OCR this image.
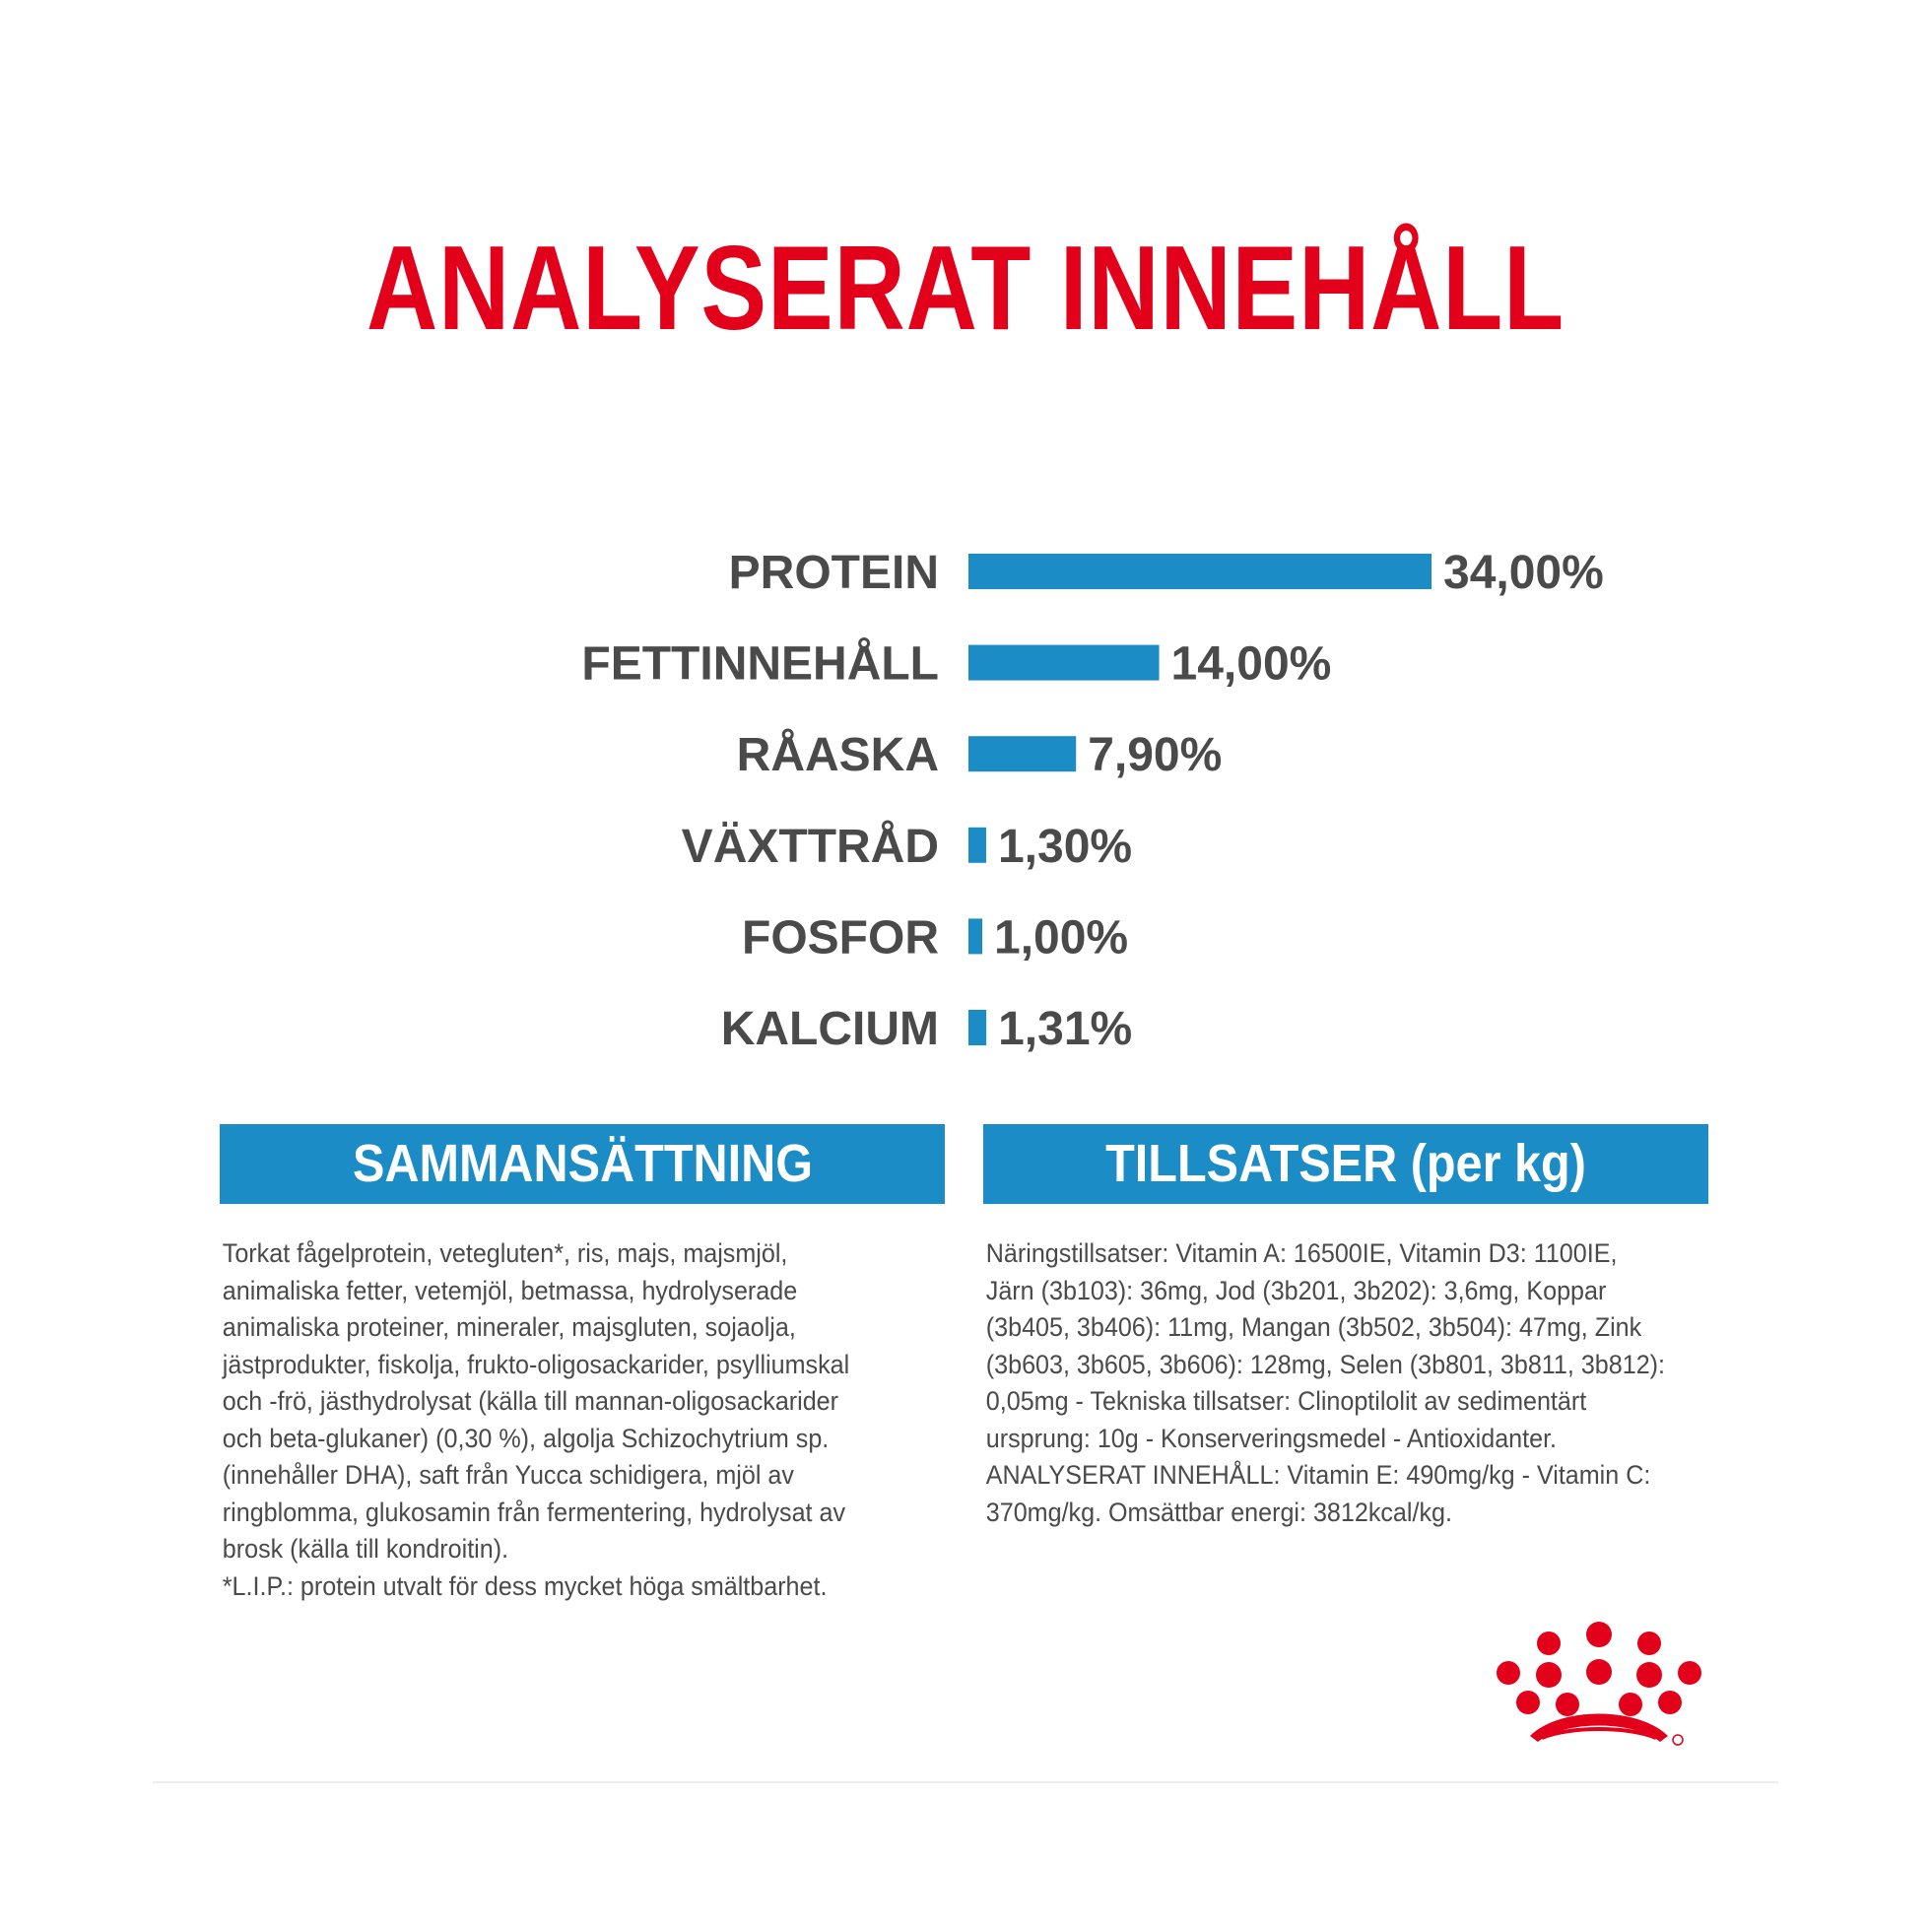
ANALYSERAT INNEHÅLL
PROTEIN	34,00%
FETTINNEHÅLL	14,00%
RÅASKA	7,90%
VÄXTTRÅD 1,30%
FOSFOR 1,00%
KALCIUM 1,31%
SAMMANSÄTTNING

Torkat fågelprotein, vetegluten*, ris, majs, majsmjöl,

animaliska fetter, vetemjöl, betmassa, hydrolyserade

animaliska proteiner, mineraler, majsgluten, sojaolja,

jästprodukter, fiskolja, frukto-oligosackarider, psylliumskal

och -frö, jästhydrolysat (källa till mannan-oligosackarider

och beta-glukaner) (0,30 %), algolja Schizochytrium sp.

(innehåller DHA), saft från Yucca schidigera, mjöl av

ringblomma, glukosamin från fermentering, hydrolysat av

brosk (källa till kondroitin).

*L.I.P.: protein utvalt för dess mycket höga smältbarhet.

TILLSATSER (per kg)

Näringstillsatser: Vitamin A: 16500IE, Vitamin D3: 1100IE,

Järn (3b103): 36mg, Jod (3b201, 3b202): 3,6mg, Koppar

(3b405, 3b406): 11mg, Mangan (3b502, 3b504): 47mg, Zink

(3b603, 3b605, 3b606): 128mg, Selen (3b801, 3b811, 3b812):

0,05mg - Tekniska tillsatser: Clinoptilolit av sedimentärt

ursprung: 10g - Konserveringsmedel - Antioxidanter.

ANALYSERAT INNEHÅLL: Vitamin E: 490mg/kg - Vitamin C:

370mg/kg. Omsättbar energi: 3812kcal/kg.
